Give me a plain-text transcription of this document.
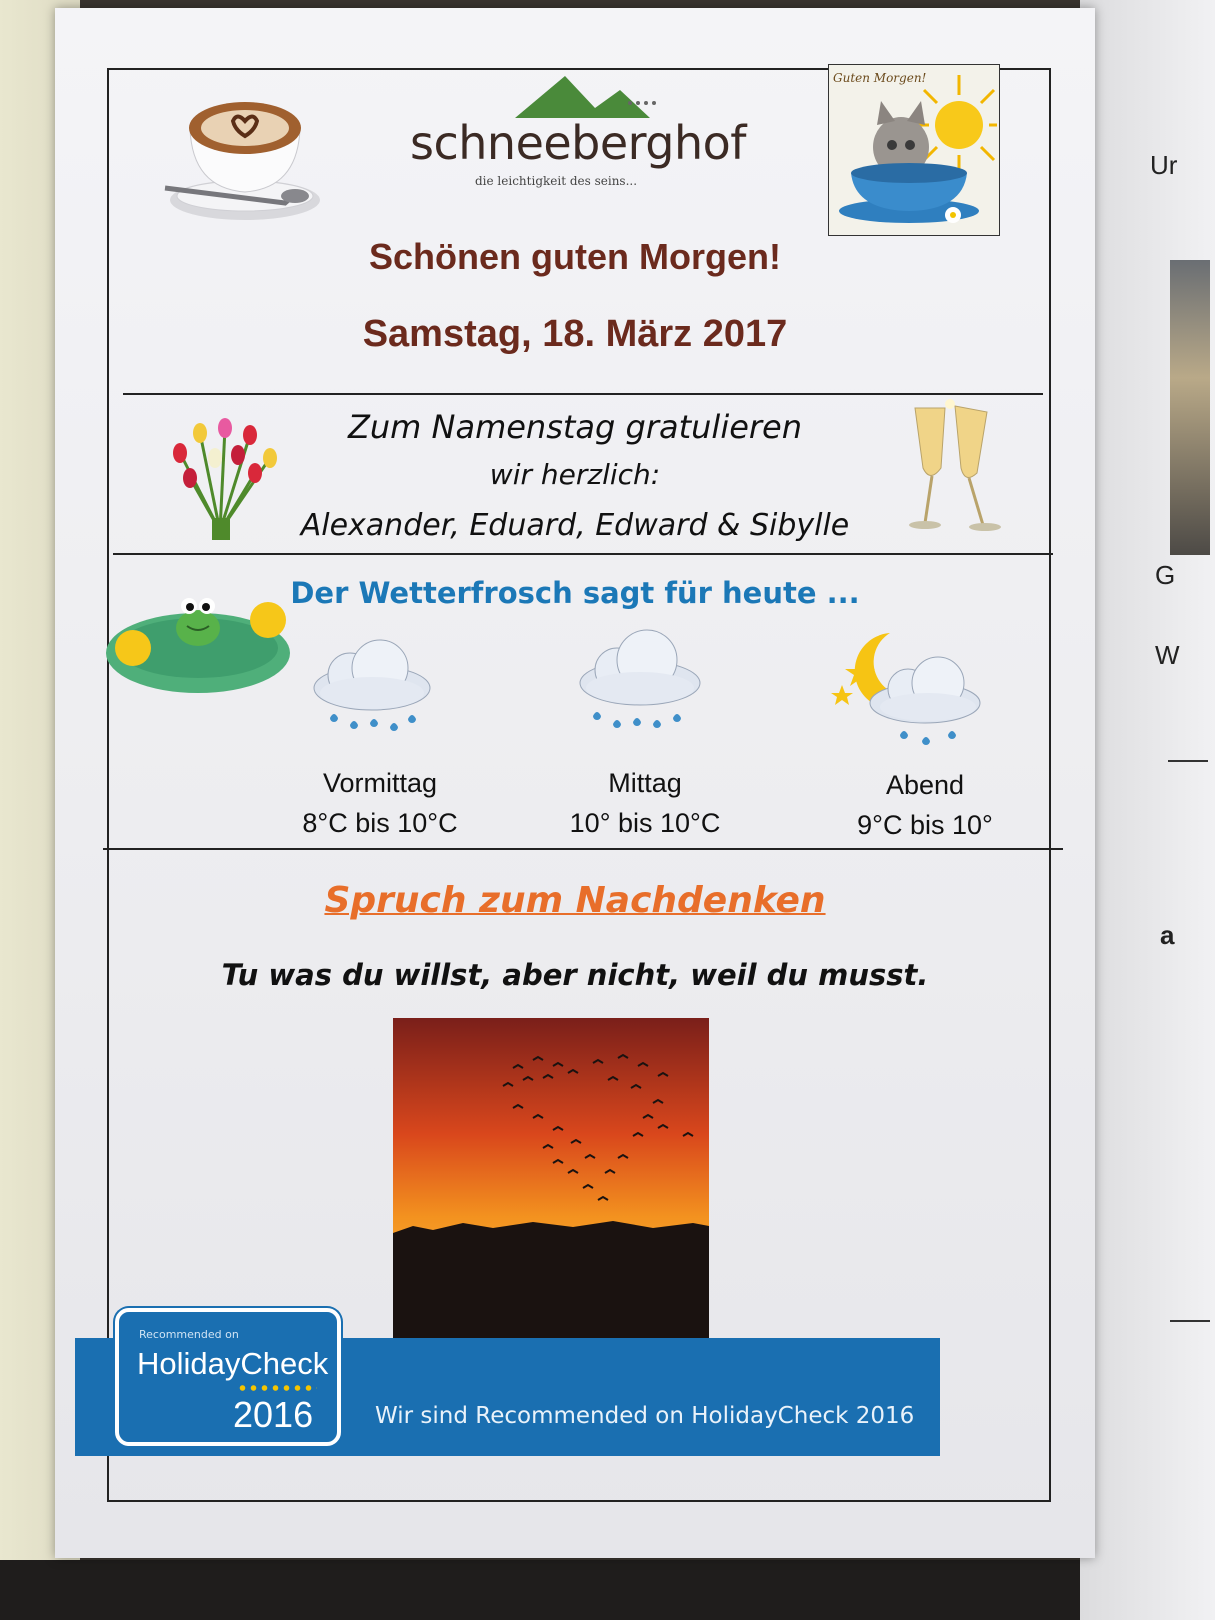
Ur
G
W
a
schneeberghof
die leichtigkeit des seins...
Guten Morgen!
Schönen guten Morgen!
Samstag, 18. März 2017
Zum Namenstag gratulieren
wir herzlich:
Alexander, Eduard, Edward & Sibylle
Der Wetterfrosch sagt für heute ...
Vormittag
8°C bis 10°C
Mittag
10° bis 10°C
Abend
9°C bis 10°
Spruch zum Nachdenken
Tu was du willst, aber nicht, weil du musst.
Wir sind Recommended on HolidayCheck 2016
Recommended on
HolidayCheck
2016
